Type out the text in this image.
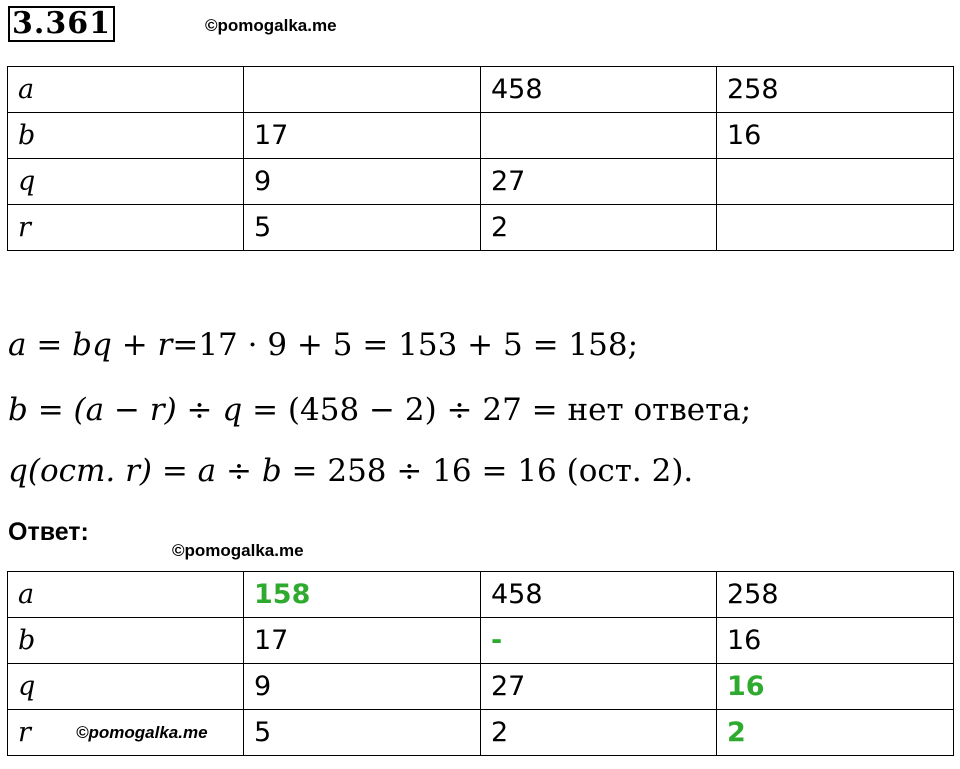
3.361	©pomogalka.me
a		458	258
b	17		16
q	9	27	
r	5	2	
a = bq + r=17 · 9 + 5 = 153 + 5 = 158;
b = (a − r) ÷ q = (458 − 2) ÷ 27 = нет ответа;
q(ост. r) = a ÷ b = 258 ÷ 16 = 16 (ост. 2).
Ответ:
©pomogalka.me
a	158	458	258
b	17	-	16
q	9	27	16
r ©pomogalka.me	5	2	2
